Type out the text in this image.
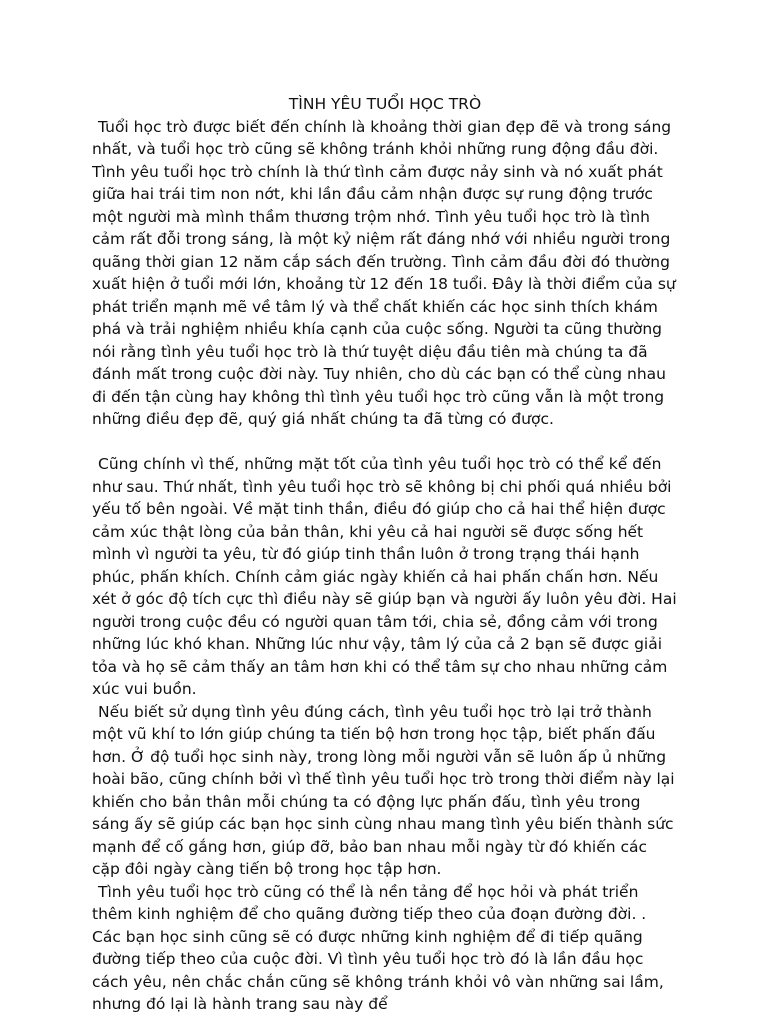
TÌNH YÊU TUỔI HỌC TRÒ

Tuổi học trò được biết đến chính là khoảng thời gian đẹp đẽ và trong sáng nhất, và tuổi học trò cũng sẽ không tránh khỏi những rung động đầu đời. Tình yêu tuổi học trò chính là thứ tình cảm được nảy sinh và nó xuất phát giữa hai trái tim non nớt, khi lần đầu cảm nhận được sự rung động trước một người mà mình thầm thương trộm nhớ. Tình yêu tuổi học trò là tình cảm rất đỗi trong sáng, là một kỷ niệm rất đáng nhớ với nhiều người trong quãng thời gian 12 năm cắp sách đến trường. Tình cảm đầu đời đó thường xuất hiện ở tuổi mới lớn, khoảng từ 12 đến 18 tuổi. Đây là thời điểm của sự phát triển mạnh mẽ về tâm lý và thể chất khiến các học sinh thích khám phá và trải nghiệm nhiều khía cạnh của cuộc sống. Người ta cũng thường nói rằng tình yêu tuổi học trò là thứ tuyệt diệu đầu tiên mà chúng ta đã đánh mất trong cuộc đời này. Tuy nhiên, cho dù các bạn có thể cùng nhau đi đến tận cùng hay không thì tình yêu tuổi học trò cũng vẫn là một trong những điều đẹp đẽ, quý giá nhất chúng ta đã từng có được.

Cũng chính vì thế, những mặt tốt của tình yêu tuổi học trò có thể kể đến như sau. Thứ nhất, tình yêu tuổi học trò sẽ không bị chi phối quá nhiều bởi yếu tố bên ngoài. Về mặt tinh thần, điều đó giúp cho cả hai thể hiện được cảm xúc thật lòng của bản thân, khi yêu cả hai người sẽ được sống hết mình vì người ta yêu, từ đó giúp tinh thần luôn ở trong trạng thái hạnh phúc, phấn khích. Chính cảm giác ngày khiến cả hai phấn chấn hơn. Nếu xét ở góc độ tích cực thì điều này sẽ giúp bạn và người ấy luôn yêu đời. Hai người trong cuộc đều có người quan tâm tới, chia sẻ, đồng cảm với trong những lúc khó khan. Những lúc như vậy, tâm lý của cả 2 bạn sẽ được giải tỏa và họ sẽ cảm thấy an tâm hơn khi có thể tâm sự cho nhau những cảm xúc vui buồn.

Nếu biết sử dụng tình yêu đúng cách, tình yêu tuổi học trò lại trở thành một vũ khí to lớn giúp chúng ta tiến bộ hơn trong học tập, biết phấn đấu hơn. Ở độ tuổi học sinh này, trong lòng mỗi người vẫn sẽ luôn ấp ủ những hoài bão, cũng chính bởi vì thế tình yêu tuổi học trò trong thời điểm này lại khiến cho bản thân mỗi chúng ta có động lực phấn đấu, tình yêu trong sáng ấy sẽ giúp các bạn học sinh cùng nhau mang tình yêu biến thành sức mạnh để cố gắng hơn, giúp đỡ, bảo ban nhau mỗi ngày từ đó khiến các cặp đôi ngày càng tiến bộ trong học tập hơn.

Tình yêu tuổi học trò cũng có thể là nền tảng để học hỏi và phát triển thêm kinh nghiệm để cho quãng đường tiếp theo của đoạn đường đời. . Các bạn học sinh cũng sẽ có được những kinh nghiệm để đi tiếp quãng đường tiếp theo của cuộc đời. Vì tình yêu tuổi học trò đó là lần đầu học cách yêu, nên chắc chắn cũng sẽ không tránh khỏi vô vàn những sai lầm, nhưng đó lại là hành trang sau này để
